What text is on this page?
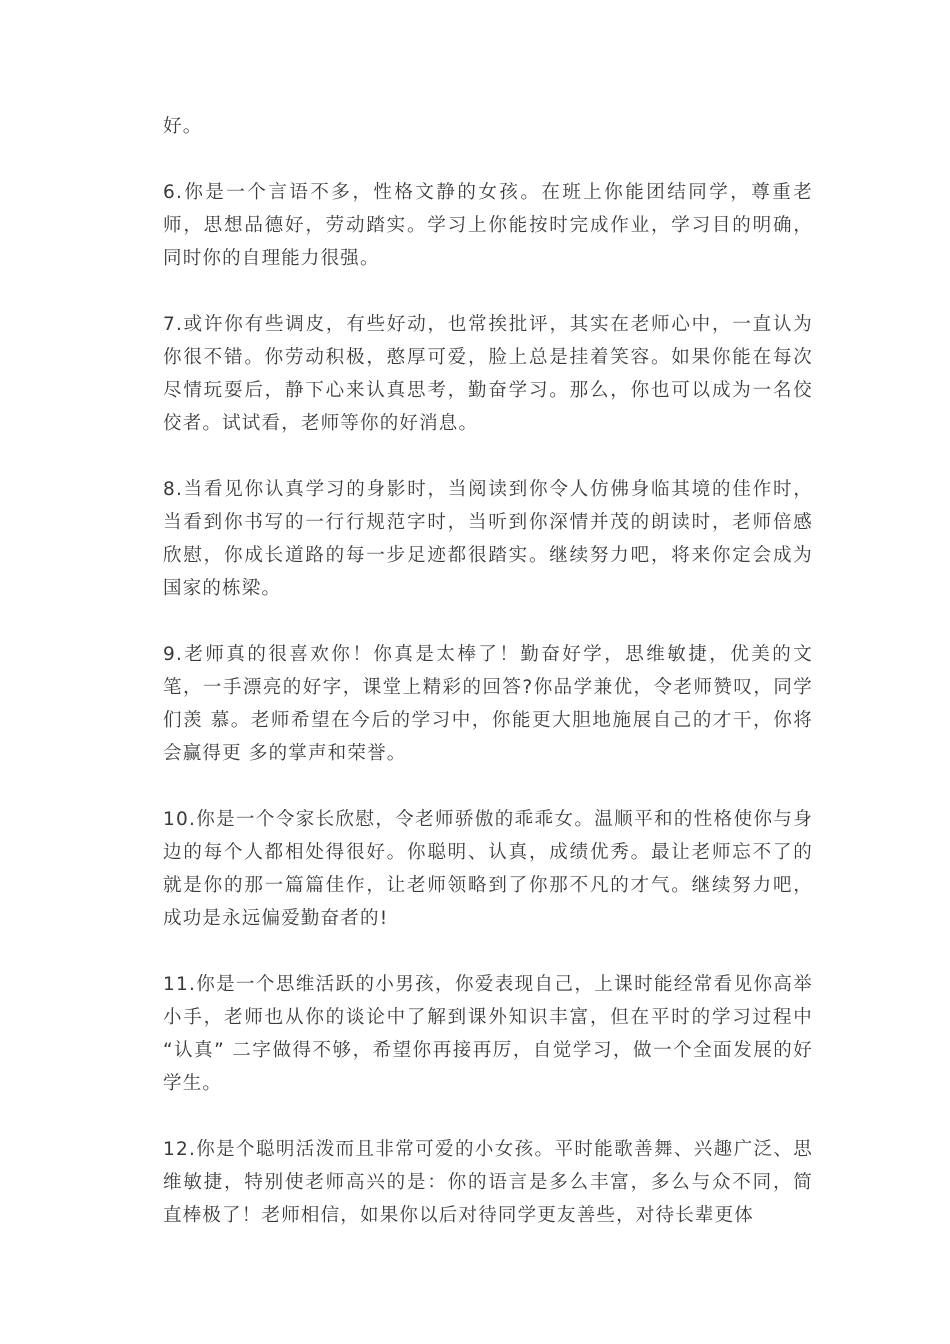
好。

6.你是一个言语不多，性格文静的女孩。在班上你能团结同学，尊重老师，思想品德好，劳动踏实。学习上你能按时完成作业，学习目的明确，同时你的自理能力很强。

7.或许你有些调皮，有些好动，也常挨批评，其实在老师心中，一直认为你很不错。你劳动积极，憨厚可爱，脸上总是挂着笑容。如果你能在每次尽情玩耍后，静下心来认真思考，勤奋学习。那么，你也可以成为一名佼佼者。试试看，老师等你的好消息。

8.当看见你认真学习的身影时，当阅读到你令人仿佛身临其境的佳作时，当看到你书写的一行行规范字时，当听到你深情并茂的朗读时，老师倍感欣慰，你成长道路的每一步足迹都很踏实。继续努力吧，将来你定会成为国家的栋梁。

9.老师真的很喜欢你！你真是太棒了！勤奋好学，思维敏捷，优美的文笔，一手漂亮的好字，课堂上精彩的回答?你品学兼优，令老师赞叹，同学们羡 慕。老师希望在今后的学习中，你能更大胆地施展自己的才干，你将会赢得更 多的掌声和荣誉。

10.你是一个令家长欣慰，令老师骄傲的乖乖女。温顺平和的性格使你与身边的每个人都相处得很好。你聪明、认真，成绩优秀。最让老师忘不了的就是你的那一篇篇佳作，让老师领略到了你那不凡的才气。继续努力吧，成功是永远偏爱勤奋者的!

11.你是一个思维活跃的小男孩，你爱表现自己，上课时能经常看见你高举小手，老师也从你的谈论中了解到课外知识丰富，但在平时的学习过程中 “认真” 二字做得不够，希望你再接再厉，自觉学习，做一个全面发展的好学生。

12.你是个聪明活泼而且非常可爱的小女孩。平时能歌善舞、兴趣广泛、思维敏捷，特别使老师高兴的是：你的语言是多么丰富，多么与众不同，简直棒极了！老师相信，如果你以后对待同学更友善些，对待长辈更体
